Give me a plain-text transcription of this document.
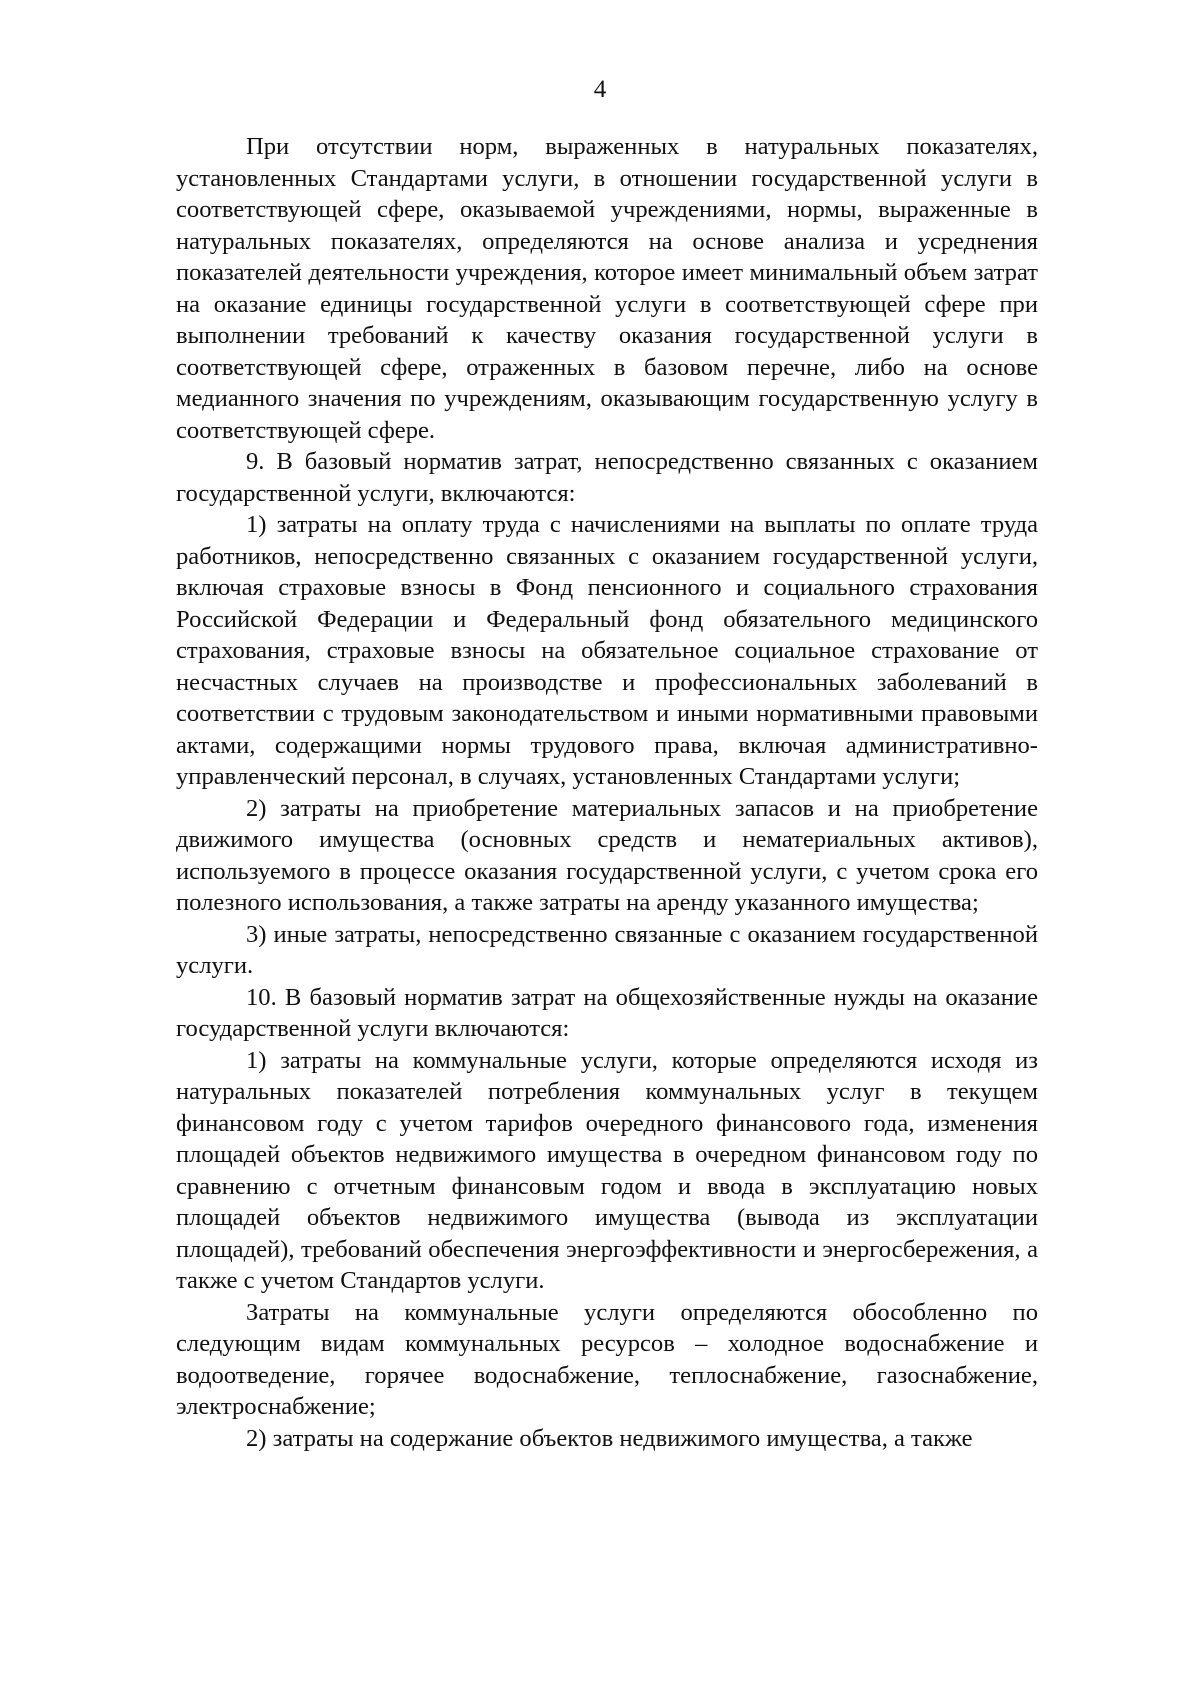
4

При отсутствии норм, выраженных в натуральных показателях, установленных Стандартами услуги, в отношении государственной услуги в соответствующей сфере, оказываемой учреждениями, нормы, выраженные в натуральных показателях, определяются на основе анализа и усреднения показателей деятельности учреждения, которое имеет минимальный объем затрат на оказание единицы государственной услуги в соответствующей сфере при выполнении требований к качеству оказания государственной услуги в соответствующей сфере, отраженных в базовом перечне, либо на основе медианного значения по учреждениям, оказывающим государственную услугу в соответствующей сфере.

9. В базовый норматив затрат, непосредственно связанных с оказанием государственной услуги, включаются:

1) затраты на оплату труда с начислениями на выплаты по оплате труда работников, непосредственно связанных с оказанием государственной услуги, включая страховые взносы в Фонд пенсионного и социального страхования Российской Федерации и Федеральный фонд обязательного медицинского страхования, страховые взносы на обязательное социальное страхование от несчастных случаев на производстве и профессиональных заболеваний в соответствии с трудовым законодательством и иными нормативными правовыми актами, содержащими нормы трудового права, включая административно-управленческий персонал, в случаях, установленных Стандартами услуги;

2) затраты на приобретение материальных запасов и на приобретение движимого имущества (основных средств и нематериальных активов), используемого в процессе оказания государственной услуги, с учетом срока его полезного использования, а также затраты на аренду указанного имущества;

3) иные затраты, непосредственно связанные с оказанием государственной услуги.

10. В базовый норматив затрат на общехозяйственные нужды на оказание государственной услуги включаются:

1) затраты на коммунальные услуги, которые определяются исходя из натуральных показателей потребления коммунальных услуг в текущем финансовом году с учетом тарифов очередного финансового года, изменения площадей объектов недвижимого имущества в очередном финансовом году по сравнению с отчетным финансовым годом и ввода в эксплуатацию новых площадей объектов недвижимого имущества (вывода из эксплуатации площадей), требований обеспечения энергоэффективности и энергосбережения, а также с учетом Стандартов услуги.

Затраты на коммунальные услуги определяются обособленно по следующим видам коммунальных ресурсов – холодное водоснабжение и водоотведение, горячее водоснабжение, теплоснабжение, газоснабжение, электроснабжение;

2) затраты на содержание объектов недвижимого имущества, а также
